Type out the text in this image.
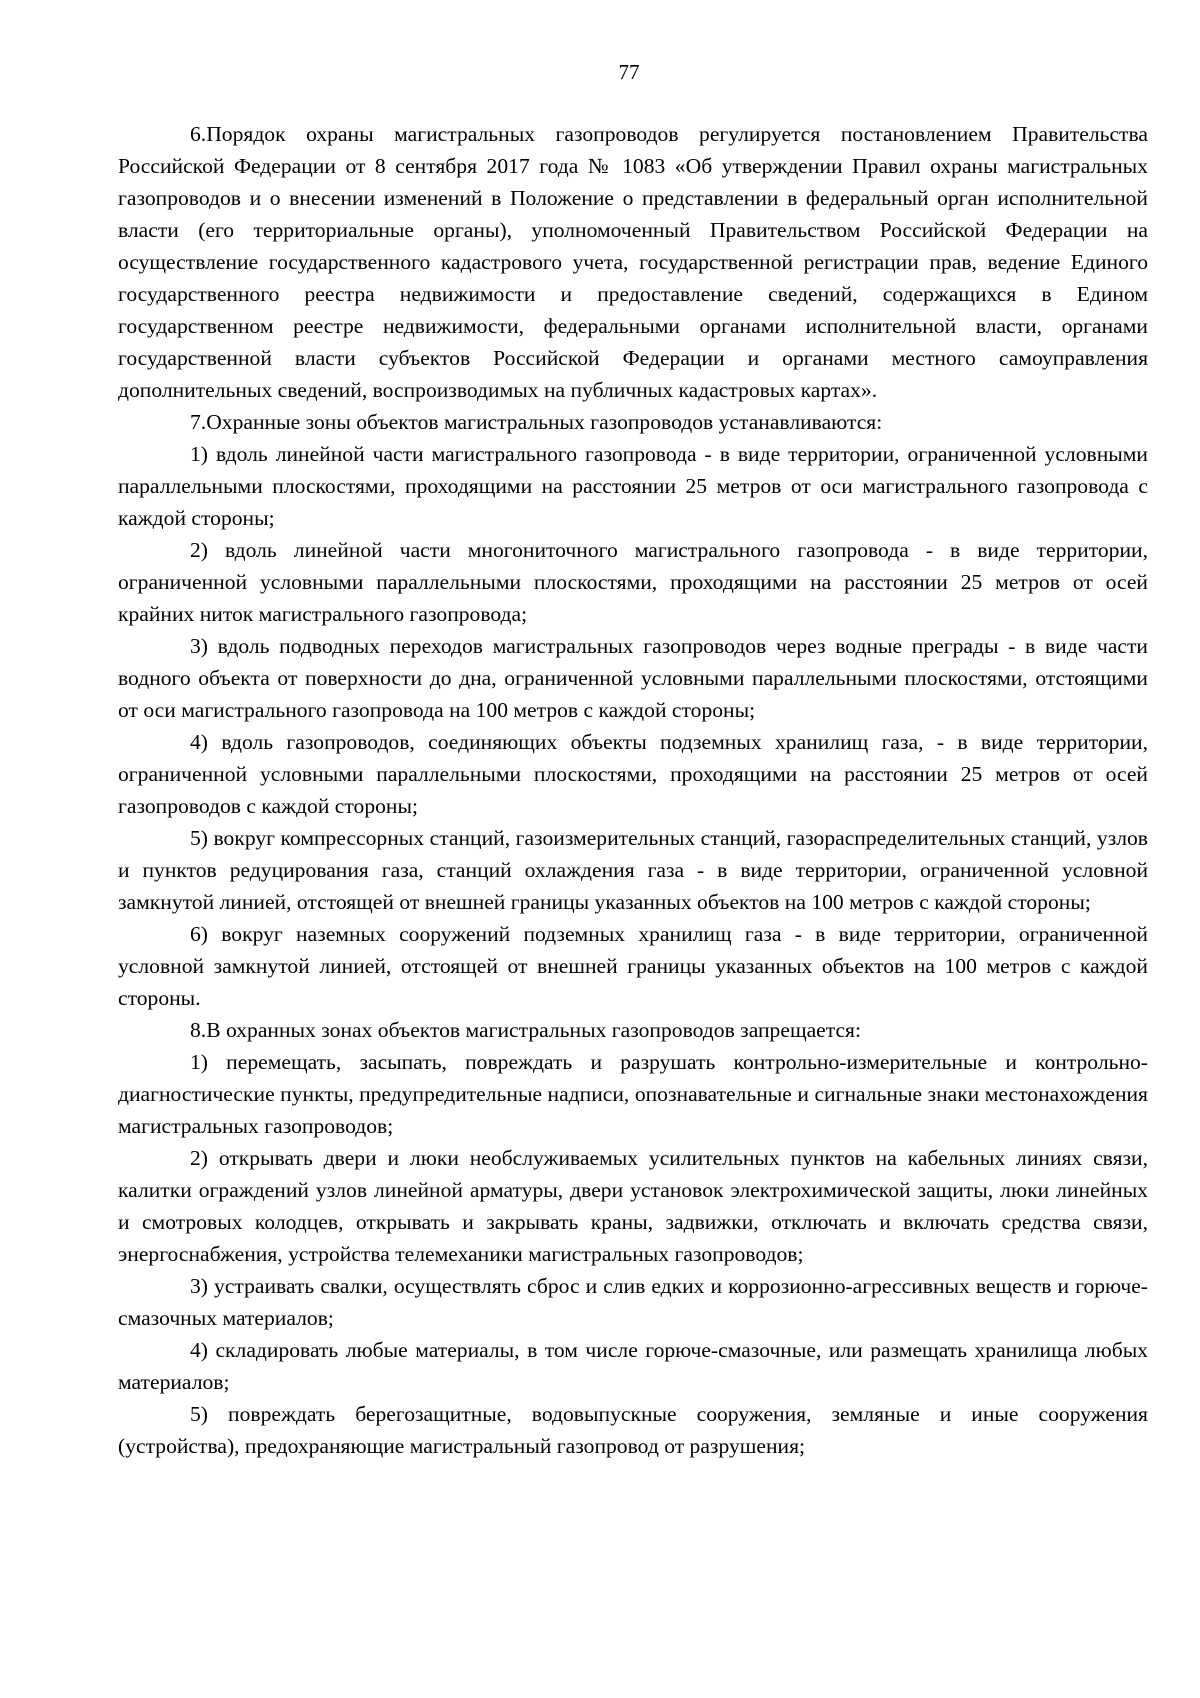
77

6.Порядок охраны магистральных газопроводов регулируется постановлением Правительства Российской Федерации от 8 сентября 2017 года № 1083 «Об утверждении Правил охраны магистральных газопроводов и о внесении изменений в Положение о представлении в федеральный орган исполнительной власти (его территориальные органы), уполномоченный Правительством Российской Федерации на осуществление государственного кадастрового учета, государственной регистрации прав, ведение Единого государственного реестра недвижимости и предоставление сведений, содержащихся в Едином государственном реестре недвижимости, федеральными органами исполнительной власти, органами государственной власти субъектов Российской Федерации и органами местного самоуправления дополнительных сведений, воспроизводимых на публичных кадастровых картах».

7.Охранные зоны объектов магистральных газопроводов устанавливаются:

1) вдоль линейной части магистрального газопровода - в виде территории, ограниченной условными параллельными плоскостями, проходящими на расстоянии 25 метров от оси магистрального газопровода с каждой стороны;

2) вдоль линейной части многониточного магистрального газопровода - в виде территории, ограниченной условными параллельными плоскостями, проходящими на расстоянии 25 метров от осей крайних ниток магистрального газопровода;

3) вдоль подводных переходов магистральных газопроводов через водные преграды - в виде части водного объекта от поверхности до дна, ограниченной условными параллельными плоскостями, отстоящими от оси магистрального газопровода на 100 метров с каждой стороны;

4) вдоль газопроводов, соединяющих объекты подземных хранилищ газа, - в виде территории, ограниченной условными параллельными плоскостями, проходящими на расстоянии 25 метров от осей газопроводов с каждой стороны;

5) вокруг компрессорных станций, газоизмерительных станций, газораспределительных станций, узлов и пунктов редуцирования газа, станций охлаждения газа - в виде территории, ограниченной условной замкнутой линией, отстоящей от внешней границы указанных объектов на 100 метров с каждой стороны;

6) вокруг наземных сооружений подземных хранилищ газа - в виде территории, ограниченной условной замкнутой линией, отстоящей от внешней границы указанных объектов на 100 метров с каждой стороны.

8.В охранных зонах объектов магистральных газопроводов запрещается:

1) перемещать, засыпать, повреждать и разрушать контрольно-измерительные и контрольно-диагностические пункты, предупредительные надписи, опознавательные и сигнальные знаки местонахождения магистральных газопроводов;

2) открывать двери и люки необслуживаемых усилительных пунктов на кабельных линиях связи, калитки ограждений узлов линейной арматуры, двери установок электрохимической защиты, люки линейных и смотровых колодцев, открывать и закрывать краны, задвижки, отключать и включать средства связи, энергоснабжения, устройства телемеханики магистральных газопроводов;

3) устраивать свалки, осуществлять сброс и слив едких и коррозионно-агрессивных веществ и горюче-смазочных материалов;

4) складировать любые материалы, в том числе горюче-смазочные, или размещать хранилища любых материалов;

5) повреждать берегозащитные, водовыпускные сооружения, земляные и иные сооружения (устройства), предохраняющие магистральный газопровод от разрушения;
